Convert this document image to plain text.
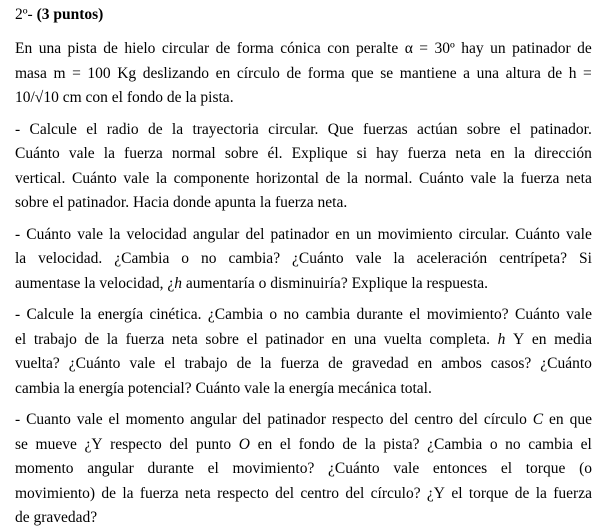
2º- (3 puntos)
En una pista de hielo circular de forma cónica con peralte α = 30º hay un patinador de
masa m = 100 Kg deslizando en círculo de forma que se mantiene a una altura de h =
10/√10 cm con el fondo de la pista.
- Calcule el radio de la trayectoria circular. Que fuerzas actúan sobre el patinador.
Cuánto vale la fuerza normal sobre él. Explique si hay fuerza neta en la dirección
vertical. Cuánto vale la componente horizontal de la normal. Cuánto vale la fuerza neta
sobre el patinador. Hacia donde apunta la fuerza neta.
- Cuánto vale la velocidad angular del patinador en un movimiento circular. Cuánto vale
la velocidad. ¿Cambia o no cambia? ¿Cuánto vale la aceleración centrípeta? Si
aumentase la velocidad, ¿h aumentaría o disminuiría? Explique la respuesta.
- Calcule la energía cinética. ¿Cambia o no cambia durante el movimiento? Cuánto vale
el trabajo de la fuerza neta sobre el patinador en una vuelta completa. h Y en media
vuelta? ¿Cuánto vale el trabajo de la fuerza de gravedad en ambos casos? ¿Cuánto
cambia la energía potencial? Cuánto vale la energía mecánica total.
- Cuanto vale el momento angular del patinador respecto del centro del círculo C en que
se mueve ¿Y respecto del punto O en el fondo de la pista? ¿Cambia o no cambia el
momento angular durante el movimiento? ¿Cuánto vale entonces el torque (o
movimiento) de la fuerza neta respecto del centro del círculo? ¿Y el torque de la fuerza
de gravedad?
